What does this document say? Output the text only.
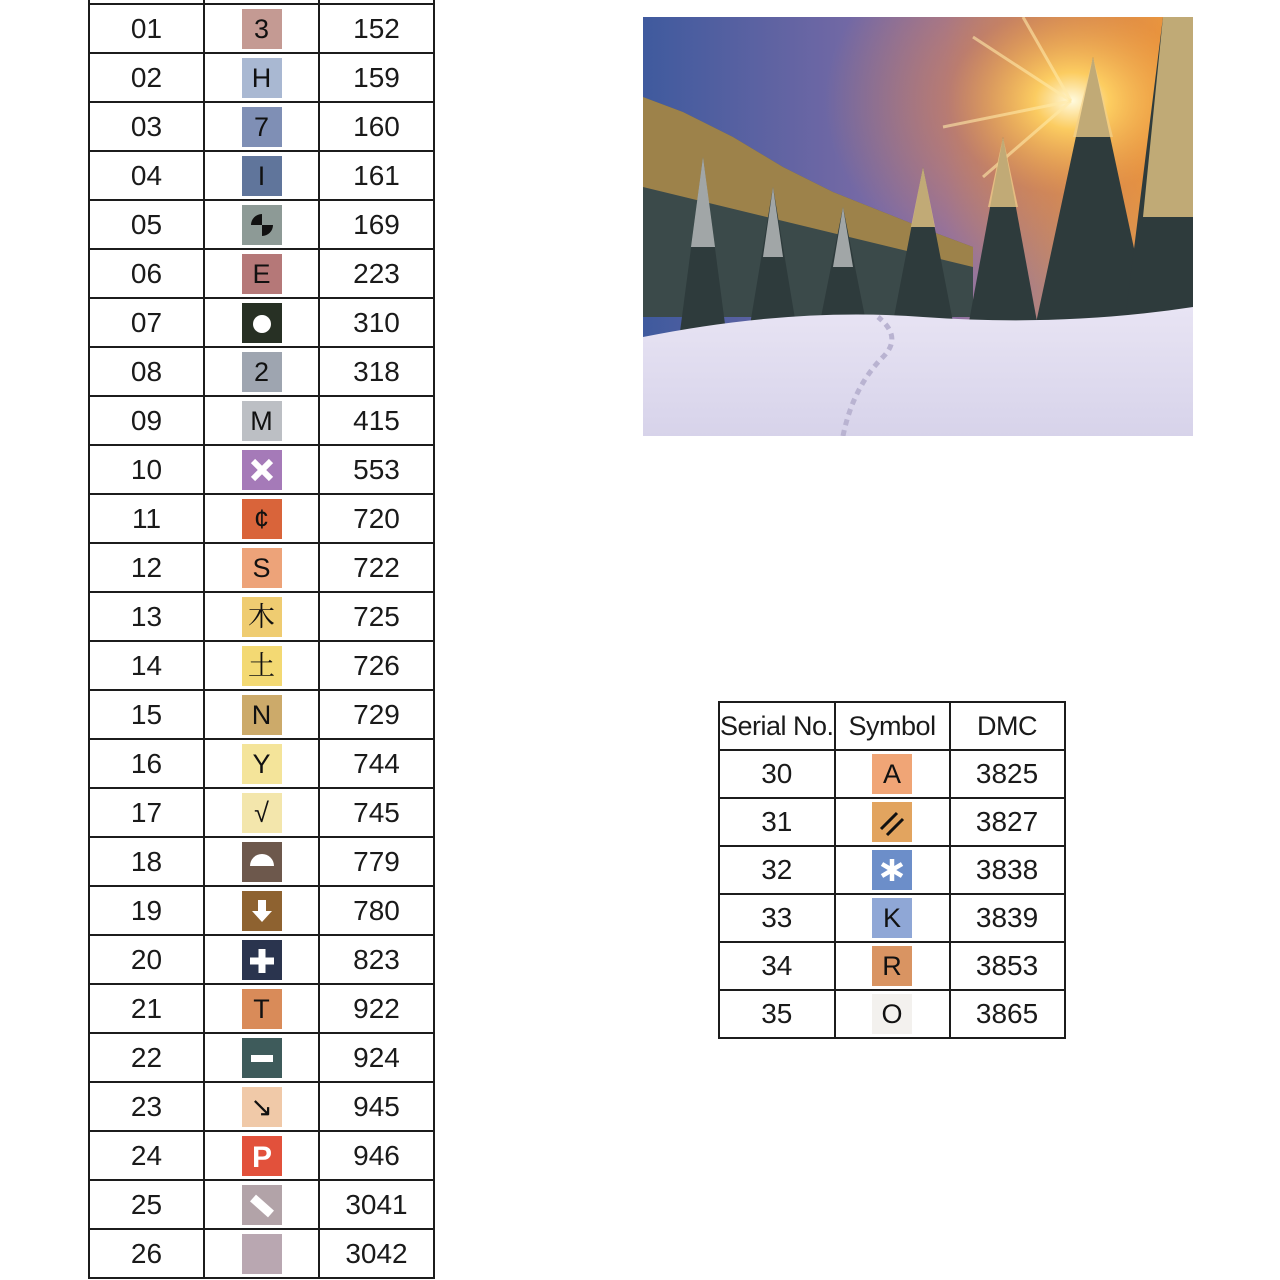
01	3	152
02	H	159
03	7	160
04	I	161
05		169
06	E	223
07		310
08	2	318
09	M	415
10		553
11	¢	720
12	S	722
13	木	725
14	土	726
15	N	729
16	Y	744
17	√	745
18		779
19		780
20		823
21	T	922
22		924
23	↘	945
24	P	946
25		3041
26		3042
Serial No.	Symbol	DMC
30	A	3825
31		3827
32		3838
33	K	3839
34	R	3853
35	O	3865
